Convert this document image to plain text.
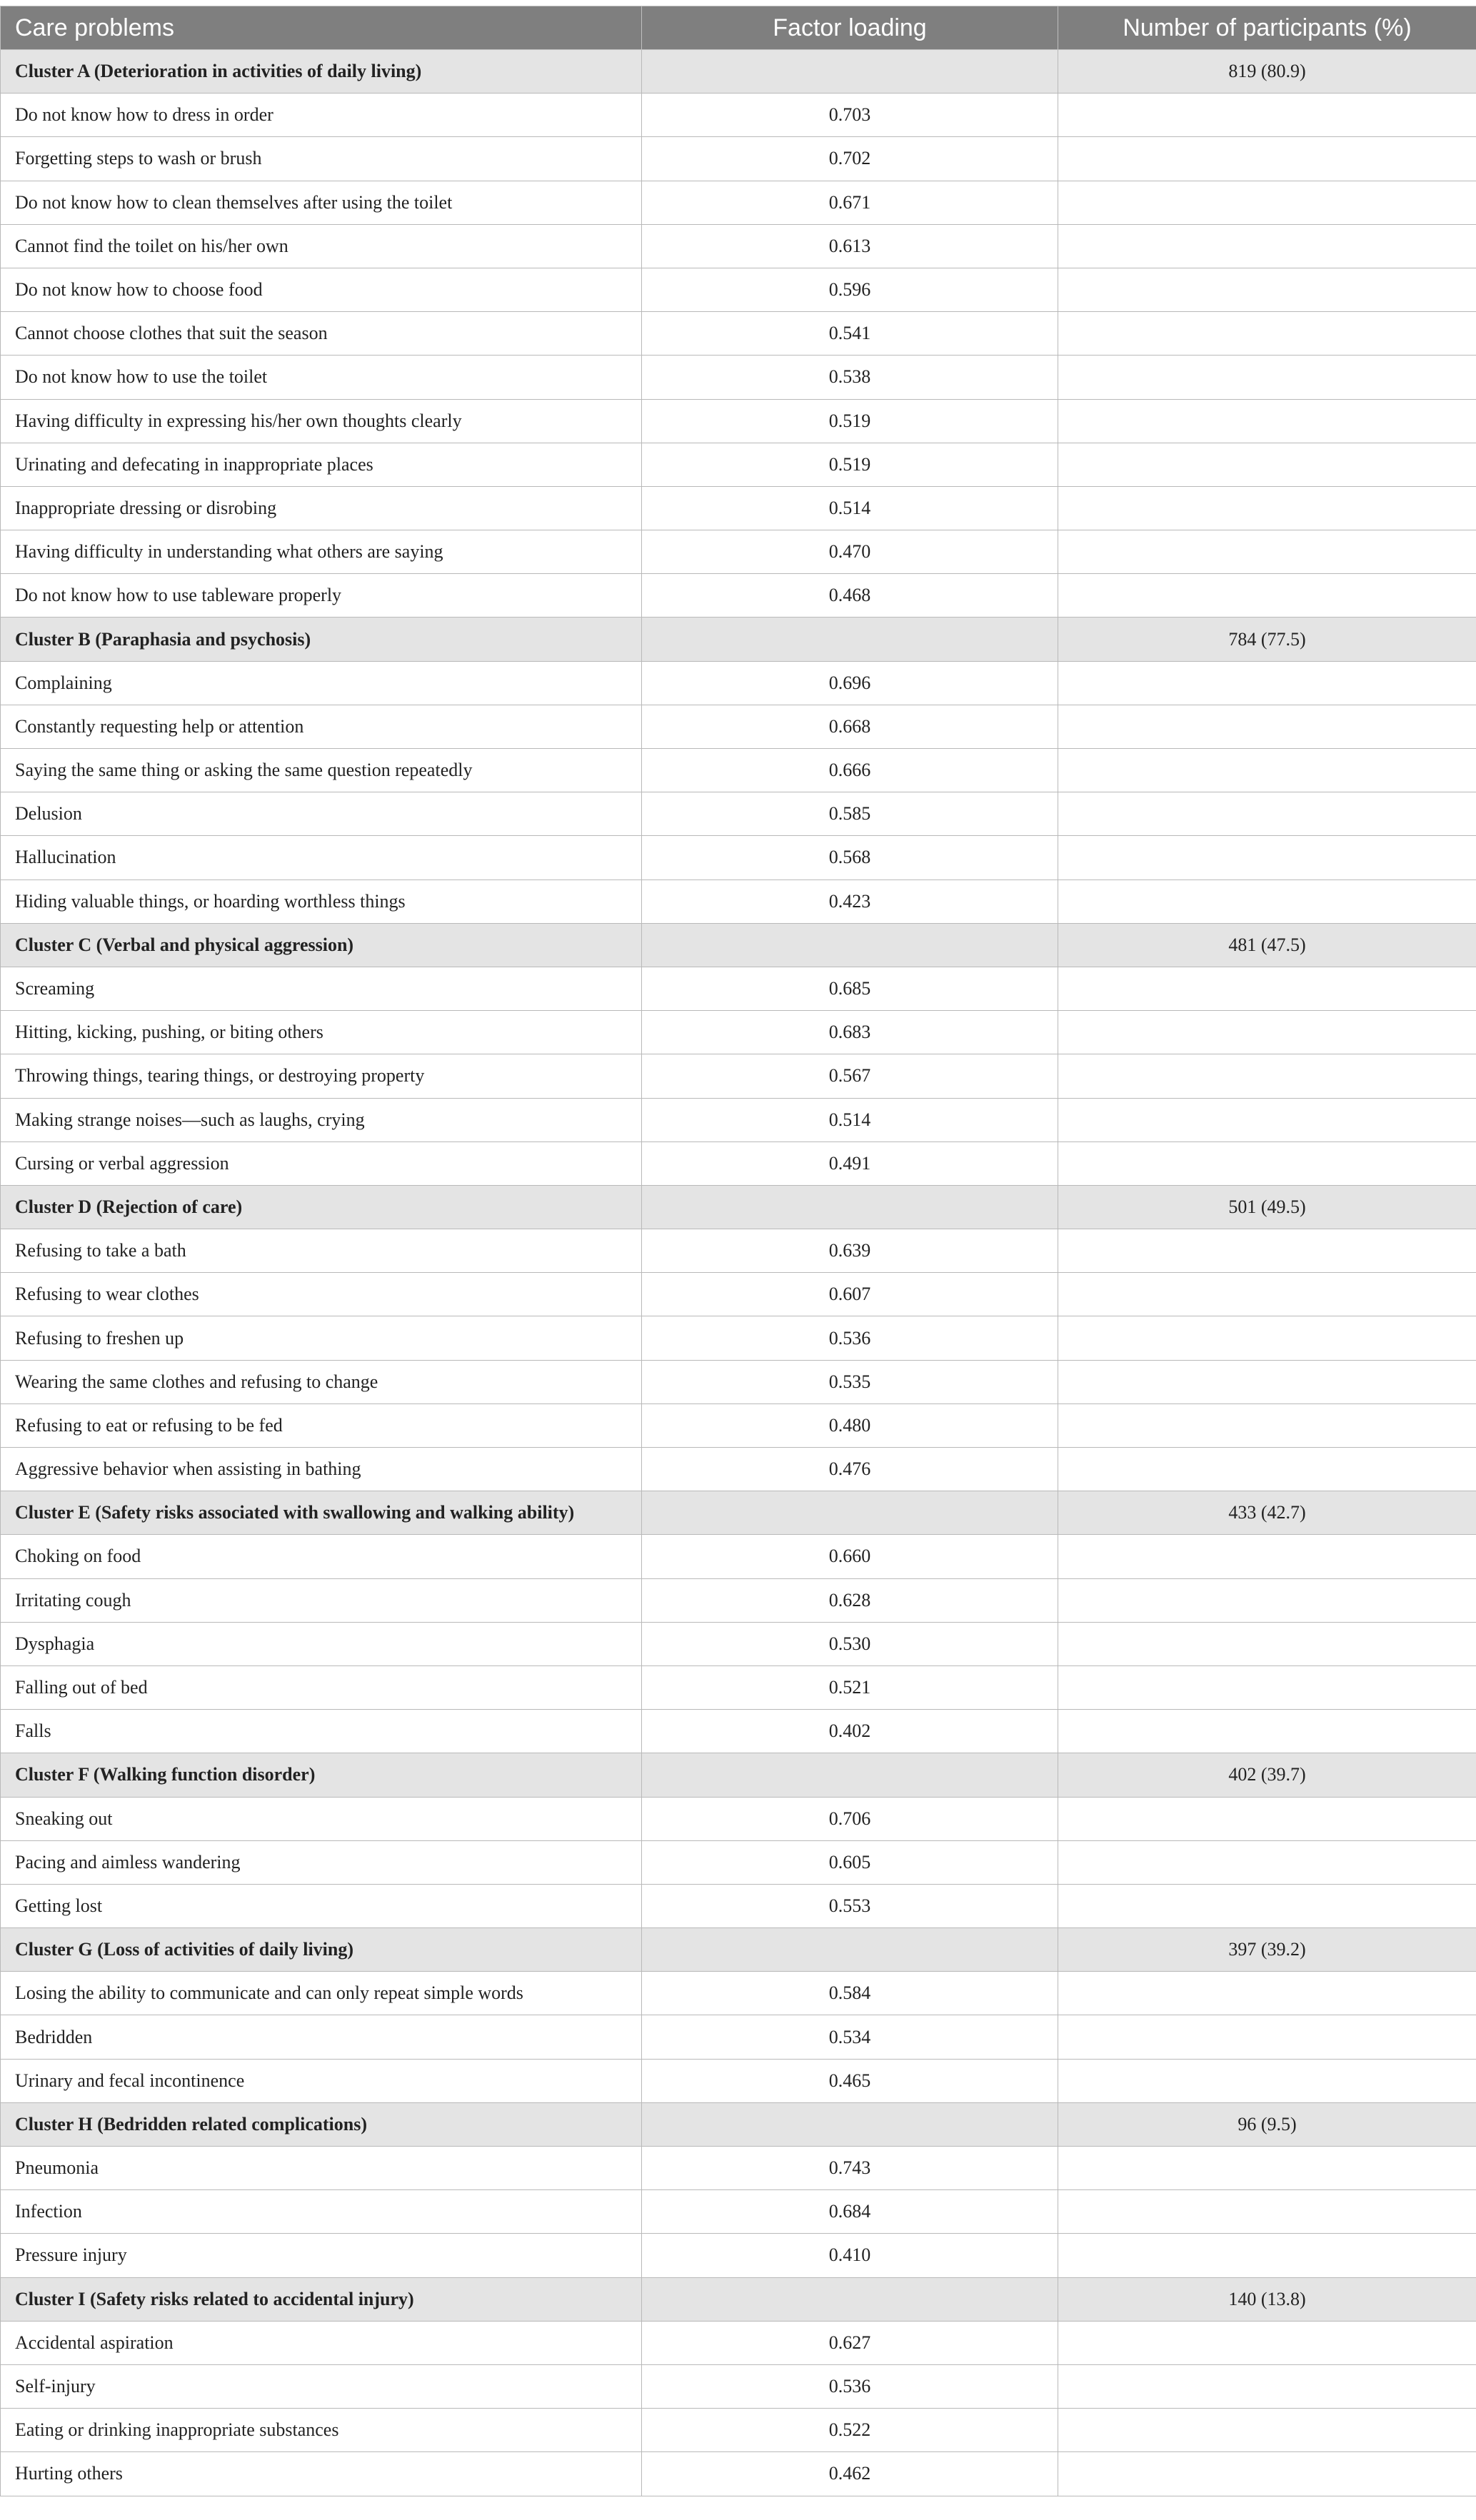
Care problems	Factor loading	Number of participants (%)
Cluster A (Deterioration in activities of daily living)		819 (80.9)
Do not know how to dress in order	0.703	
Forgetting steps to wash or brush	0.702	
Do not know how to clean themselves after using the toilet	0.671	
Cannot find the toilet on his/her own	0.613	
Do not know how to choose food	0.596	
Cannot choose clothes that suit the season	0.541	
Do not know how to use the toilet	0.538	
Having difficulty in expressing his/her own thoughts clearly	0.519	
Urinating and defecating in inappropriate places	0.519	
Inappropriate dressing or disrobing	0.514	
Having difficulty in understanding what others are saying	0.470	
Do not know how to use tableware properly	0.468	
Cluster B (Paraphasia and psychosis)		784 (77.5)
Complaining	0.696	
Constantly requesting help or attention	0.668	
Saying the same thing or asking the same question repeatedly	0.666	
Delusion	0.585	
Hallucination	0.568	
Hiding valuable things, or hoarding worthless things	0.423	
Cluster C (Verbal and physical aggression)		481 (47.5)
Screaming	0.685	
Hitting, kicking, pushing, or biting others	0.683	
Throwing things, tearing things, or destroying property	0.567	
Making strange noises—such as laughs, crying	0.514	
Cursing or verbal aggression	0.491	
Cluster D (Rejection of care)		501 (49.5)
Refusing to take a bath	0.639	
Refusing to wear clothes	0.607	
Refusing to freshen up	0.536	
Wearing the same clothes and refusing to change	0.535	
Refusing to eat or refusing to be fed	0.480	
Aggressive behavior when assisting in bathing	0.476	
Cluster E (Safety risks associated with swallowing and walking ability)		433 (42.7)
Choking on food	0.660	
Irritating cough	0.628	
Dysphagia	0.530	
Falling out of bed	0.521	
Falls	0.402	
Cluster F (Walking function disorder)		402 (39.7)
Sneaking out	0.706	
Pacing and aimless wandering	0.605	
Getting lost	0.553	
Cluster G (Loss of activities of daily living)		397 (39.2)
Losing the ability to communicate and can only repeat simple words	0.584	
Bedridden	0.534	
Urinary and fecal incontinence	0.465	
Cluster H (Bedridden related complications)		96 (9.5)
Pneumonia	0.743	
Infection	0.684	
Pressure injury	0.410	
Cluster I (Safety risks related to accidental injury)		140 (13.8)
Accidental aspiration	0.627	
Self-injury	0.536	
Eating or drinking inappropriate substances	0.522	
Hurting others	0.462	
